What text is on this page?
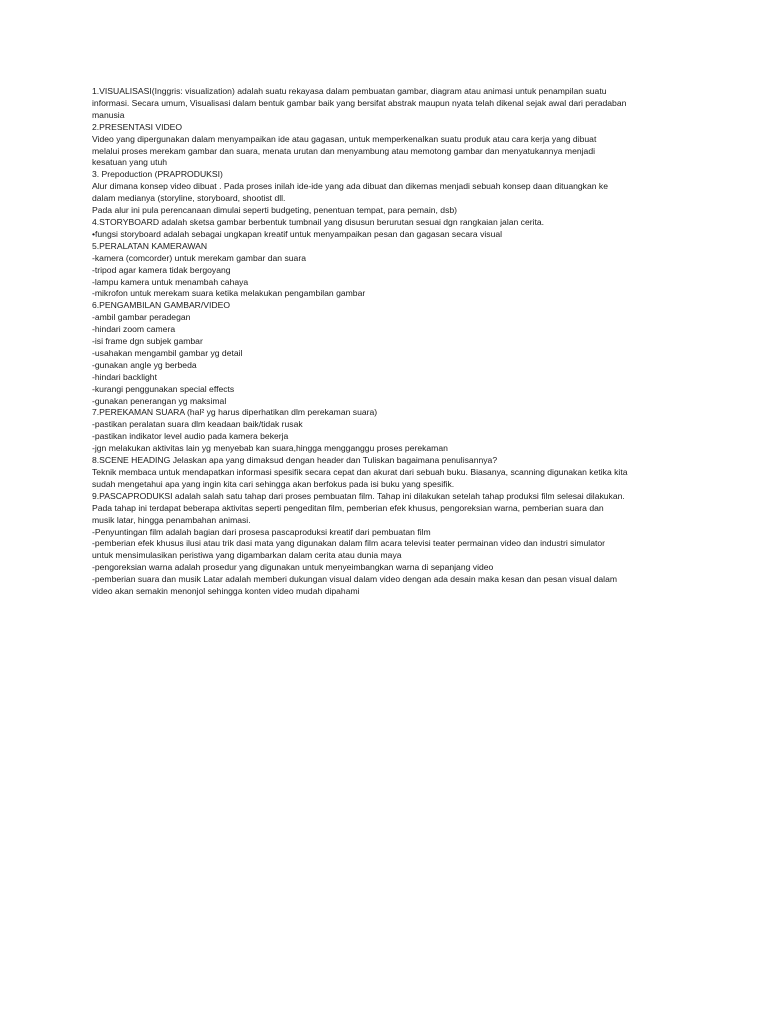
1.VISUALISASI(Inggris: visualization) adalah suatu rekayasa dalam pembuatan gambar, diagram atau animasi untuk penampilan suatu
informasi. Secara umum, Visualisasi dalam bentuk gambar baik yang bersifat abstrak maupun nyata telah dikenal sejak awal dari peradaban
manusia
2.PRESENTASI VIDEO
Video yang dipergunakan dalam menyampaikan ide atau gagasan, untuk memperkenalkan suatu produk atau cara kerja yang dibuat
melalui proses merekam gambar dan suara, menata urutan dan menyambung atau memotong gambar dan menyatukannya menjadi
kesatuan yang utuh
3. Prepoduction (PRAPRODUKSI)
Alur dimana konsep video dibuat . Pada proses inilah ide-ide yang ada dibuat dan dikemas menjadi sebuah konsep daan dituangkan ke
dalam medianya (storyline, storyboard, shootist dll.
Pada alur ini pula perencanaan dimulai seperti budgeting, penentuan tempat, para pemain, dsb)
4.STORYBOARD adalah sketsa gambar berbentuk tumbnail yang disusun berurutan sesuai dgn rangkaian jalan cerita.
•fungsi storyboard adalah sebagai ungkapan kreatif untuk menyampaikan pesan dan gagasan secara visual
5.PERALATAN KAMERAWAN
-kamera (comcorder) untuk merekam gambar dan suara
-tripod agar kamera tidak bergoyang
-lampu kamera untuk menambah cahaya
-mikrofon untuk merekam suara ketika melakukan pengambilan gambar
6.PENGAMBILAN GAMBAR/VIDEO
-ambil gambar peradegan
-hindari zoom camera
-isi frame dgn subjek gambar
-usahakan mengambil gambar yg detail
-gunakan angle yg berbeda
-hindari backlight
-kurangi penggunakan special effects
-gunakan penerangan yg maksimal
7.PEREKAMAN SUARA (hal² yg harus diperhatikan dlm perekaman suara)
-pastikan peralatan suara dlm keadaan baik/tidak rusak
-pastikan indikator level audio pada kamera bekerja
-jgn melakukan aktivitas lain yg menyebab kan suara,hingga mengganggu proses perekaman
8.SCENE HEADING Jelaskan apa yang dimaksud dengan header dan Tuliskan bagaimana penulisannya?
Teknik membaca untuk mendapatkan informasi spesifik secara cepat dan akurat dari sebuah buku. Biasanya, scanning digunakan ketika kita
sudah mengetahui apa yang ingin kita cari sehingga akan berfokus pada isi buku yang spesifik.
9.PASCAPRODUKSI adalah salah satu tahap dari proses pembuatan film. Tahap ini dilakukan setelah tahap produksi film selesai dilakukan.
Pada tahap ini terdapat beberapa aktivitas seperti pengeditan film, pemberian efek khusus, pengoreksian warna, pemberian suara dan
musik latar, hingga penambahan animasi.
-Penyuntingan film adalah bagian dari prosesa pascaproduksi kreatif dari pembuatan film
-pemberian efek khusus ilusi atau trik dasi mata yang digunakan dalam film acara televisi teater permainan video dan industri simulator
untuk mensimulasikan peristiwa yang digambarkan dalam cerita atau dunia maya
-pengoreksian warna adalah prosedur yang digunakan untuk menyeimbangkan warna di sepanjang video
-pemberian suara dan musik Latar adalah memberi dukungan visual dalam video dengan ada desain maka kesan dan pesan visual dalam
video akan semakin menonjol sehingga konten video mudah dipahami
